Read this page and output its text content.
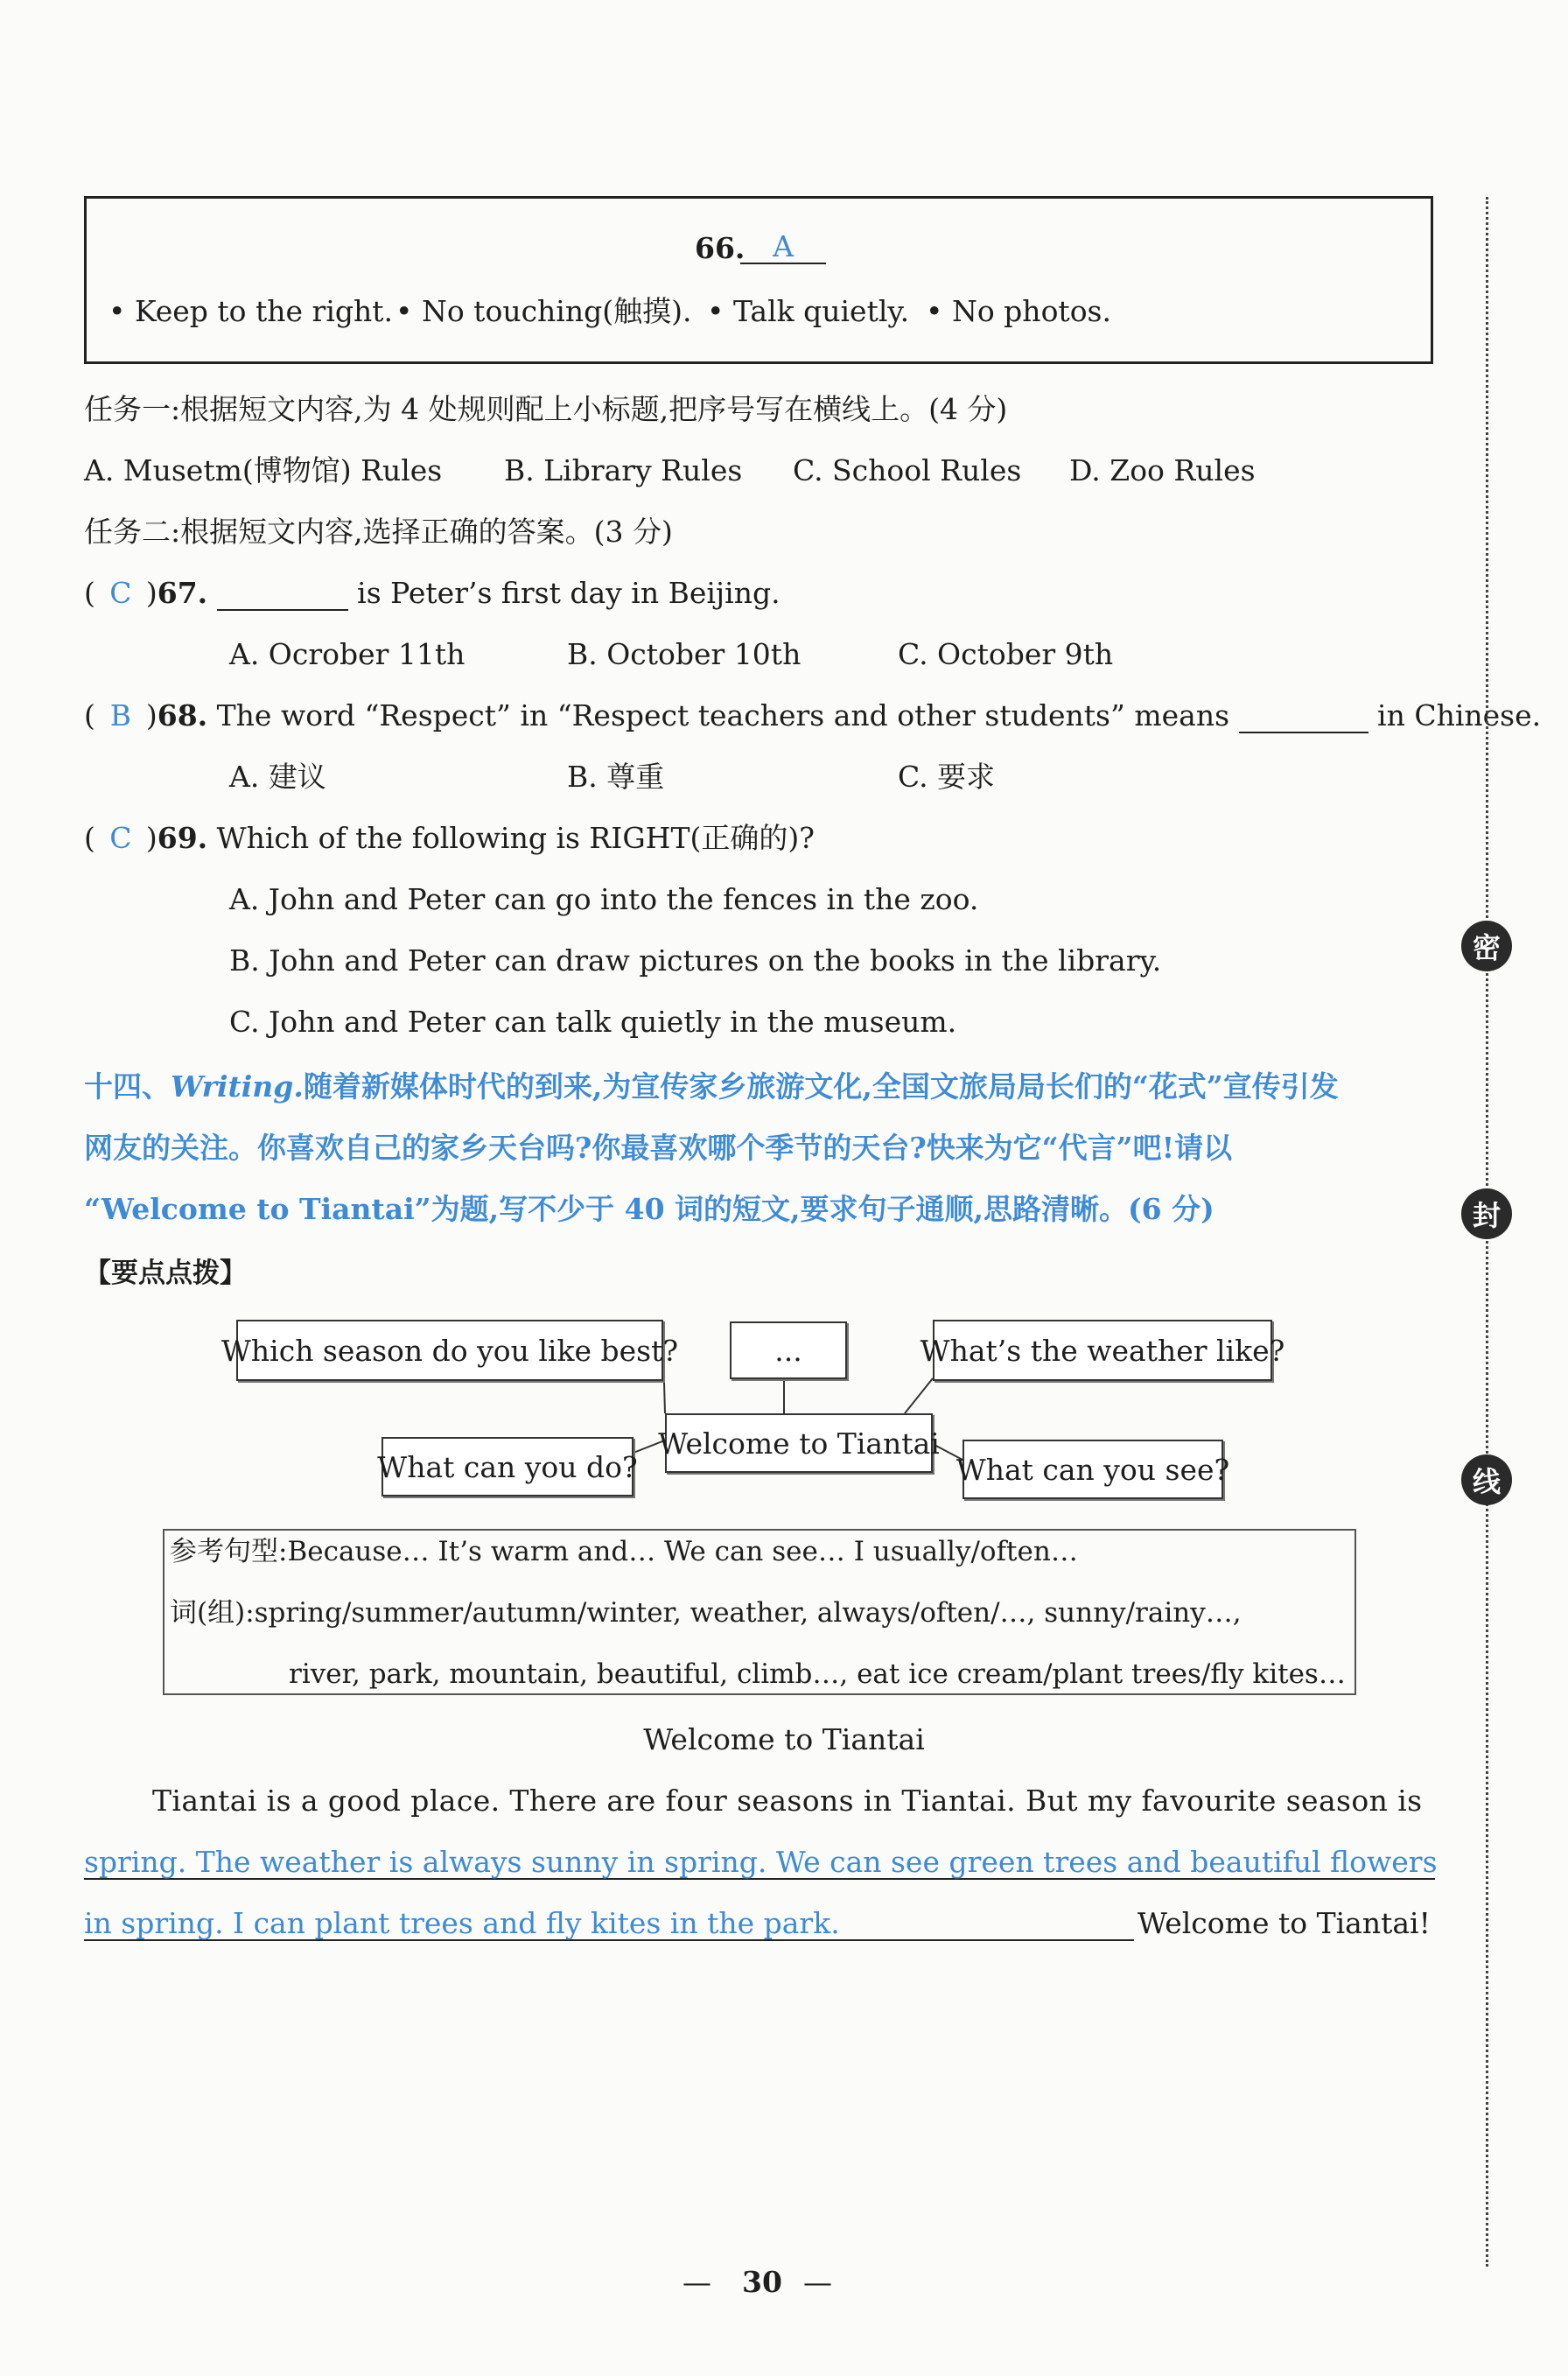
66. A
• Keep to the right. • No touching(触摸). • Talk quietly. • No photos.
任务一:根据短文内容,为 4 处规则配上小标题,把序号写在横线上。(4 分)
A. Musetm(博物馆) Rules B. Library Rules C. School Rules D. Zoo Rules
任务二:根据短文内容,选择正确的答案。(3 分)
( C )67.	is Peter’s first day in Beijing.
A. Ocrober 11th	B. October 10th	C. October 9th
( B )68. The word “Respect” in “Respect teachers and other students” means	in Chinese.
A. 建议	B. 尊重	C. 要求
( C )69. Which of the following is RIGHT(正确的)?
A. John and Peter can go into the fences in the zoo.
B. John and Peter can draw pictures on the books in the library.
C. John and Peter can talk quietly in the museum.
十四、Writing.随着新媒体时代的到来,为宣传家乡旅游文化,全国文旅局局长们的“花式”宣传引发
网友的关注。你喜欢自己的家乡天台吗?你最喜欢哪个季节的天台?快来为它“代言”吧!请以
“Welcome to Tiantai”为题,写不少于 40 词的短文,要求句子通顺,思路清晰。(6 分)
【要点点拨】
Which season do you like best?	...	What’s the weather like?
Welcome to Tiantai
What can you do?	What can you see?
参考句型:Because… It’s warm and… We can see… I usually/often…
词(组):spring/summer/autumn/winter, weather, always/often/…, sunny/rainy…,
river, park, mountain, beautiful, climb…, eat ice cream/plant trees/fly kites…
Welcome to Tiantai
Tiantai is a good place. There are four seasons in Tiantai. But my favourite season is
spring. The weather is always sunny in spring. We can see green trees and beautiful flowers
in spring. I can plant trees and fly kites in the park.	Welcome to Tiantai!
密
封
线
— 30 —
